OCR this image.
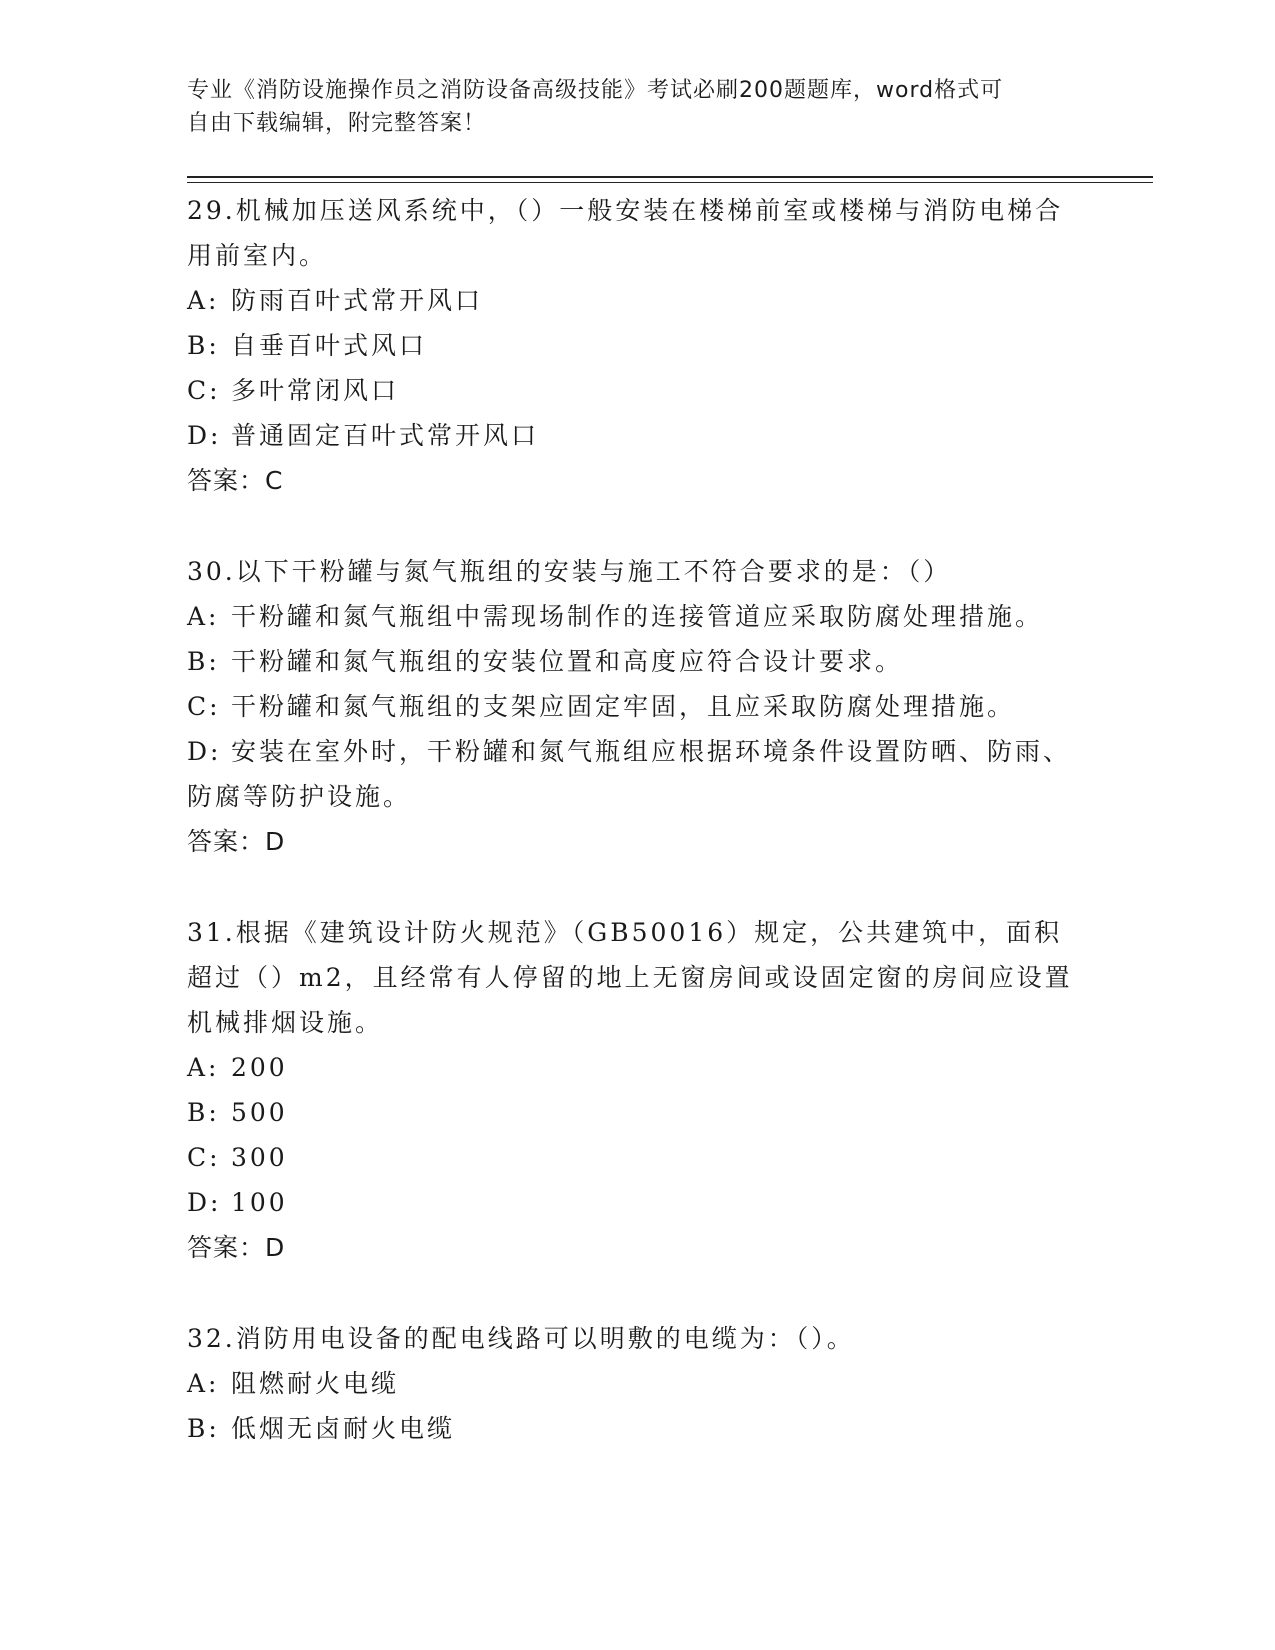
专业《消防设施操作员之消防设备高级技能》考试必刷200题题库，word格式可
自由下载编辑，附完整答案！
29.机械加压送风系统中，（）一般安装在楼梯前室或楼梯与消防电梯合用前室内。
A: 防雨百叶式常开风口
B: 自垂百叶式风口
C: 多叶常闭风口
D: 普通固定百叶式常开风口
答案：C
30.以下干粉罐与氮气瓶组的安装与施工不符合要求的是：（）
A: 干粉罐和氮气瓶组中需现场制作的连接管道应采取防腐处理措施。
B: 干粉罐和氮气瓶组的安装位置和高度应符合设计要求。
C: 干粉罐和氮气瓶组的支架应固定牢固，且应采取防腐处理措施。
D: 安装在室外时，干粉罐和氮气瓶组应根据环境条件设置防晒、防雨、防腐等防护设施。
答案：D
31.根据《建筑设计防火规范》（GB50016）规定，公共建筑中，面积超过（）m2，且经常有人停留的地上无窗房间或设固定窗的房间应设置机械排烟设施。
A: 200
B: 500
C: 300
D: 100
答案：D
32.消防用电设备的配电线路可以明敷的电缆为：（）。
A: 阻燃耐火电缆
B: 低烟无卤耐火电缆
